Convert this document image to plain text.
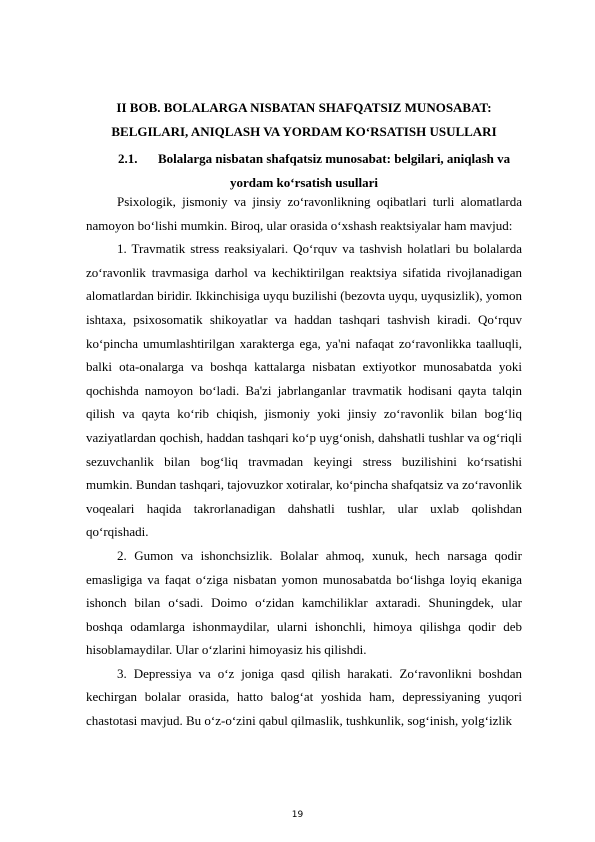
II BOB. BOLALARGA NISBATAN SHAFQATSIZ MUNOSABAT:
BELGILARI, ANIQLASH VA YORDAM KO‘RSATISH USULLARI
2.1. Bolalarga nisbatan shafqatsiz munosabat: belgilari, aniqlash va
yordam ko‘rsatish usullari

Psixologik, jismoniy va jinsiy zo‘ravonlikning oqibatlari turli alomatlarda namoyon bo‘lishi mumkin. Biroq, ular orasida o‘xshash reaktsiyalar ham mavjud:

1. Travmatik stress reaksiyalari. Qo‘rquv va tashvish holatlari bu bolalarda zo‘ravonlik travmasiga darhol va kechiktirilgan reaktsiya sifatida rivojlanadigan alomatlardan biridir. Ikkinchisiga uyqu buzilishi (bezovta uyqu, uyqusizlik), yomon ishtaxa, psixosomatik shikoyatlar va haddan tashqari tashvish kiradi. Qo‘rquv ko‘pincha umumlashtirilgan xarakterga ega, ya'ni nafaqat zo‘ravonlikka taalluqli, balki ota-onalarga va boshqa kattalarga nisbatan extiyotkor munosabatda yoki qochishda namoyon bo‘ladi. Ba'zi jabrlanganlar travmatik hodisani qayta talqin qilish va qayta ko‘rib chiqish, jismoniy yoki jinsiy zo‘ravonlik bilan bog‘liq vaziyatlardan qochish, haddan tashqari ko‘p uyg‘onish, dahshatli tushlar va og‘riqli sezuvchanlik bilan bog‘liq travmadan keyingi stress buzilishini ko‘rsatishi mumkin. Bundan tashqari, tajovuzkor xotiralar, ko‘pincha shafqatsiz va zo‘ravonlik voqealari haqida takrorlanadigan dahshatli tushlar, ular uxlab qolishdan qo‘rqishadi.

2. Gumon va ishonchsizlik. Bolalar ahmoq, xunuk, hech narsaga qodir emasligiga va faqat o‘ziga nisbatan yomon munosabatda bo‘lishga loyiq ekaniga ishonch bilan o‘sadi. Doimo o‘zidan kamchiliklar axtaradi. Shuningdek, ular boshqa odamlarga ishonmaydilar, ularni ishonchli, himoya qilishga qodir deb hisoblamaydilar. Ular o‘zlarini himoyasiz his qilishdi.

3. Depressiya va o‘z joniga qasd qilish harakati. Zo‘ravonlikni boshdan kechirgan bolalar orasida, hatto balog‘at yoshida ham, depressiyaning yuqori chastotasi mavjud. Bu o‘z-o‘zini qabul qilmaslik, tushkunlik, sog‘inish, yolg‘izlik

19
